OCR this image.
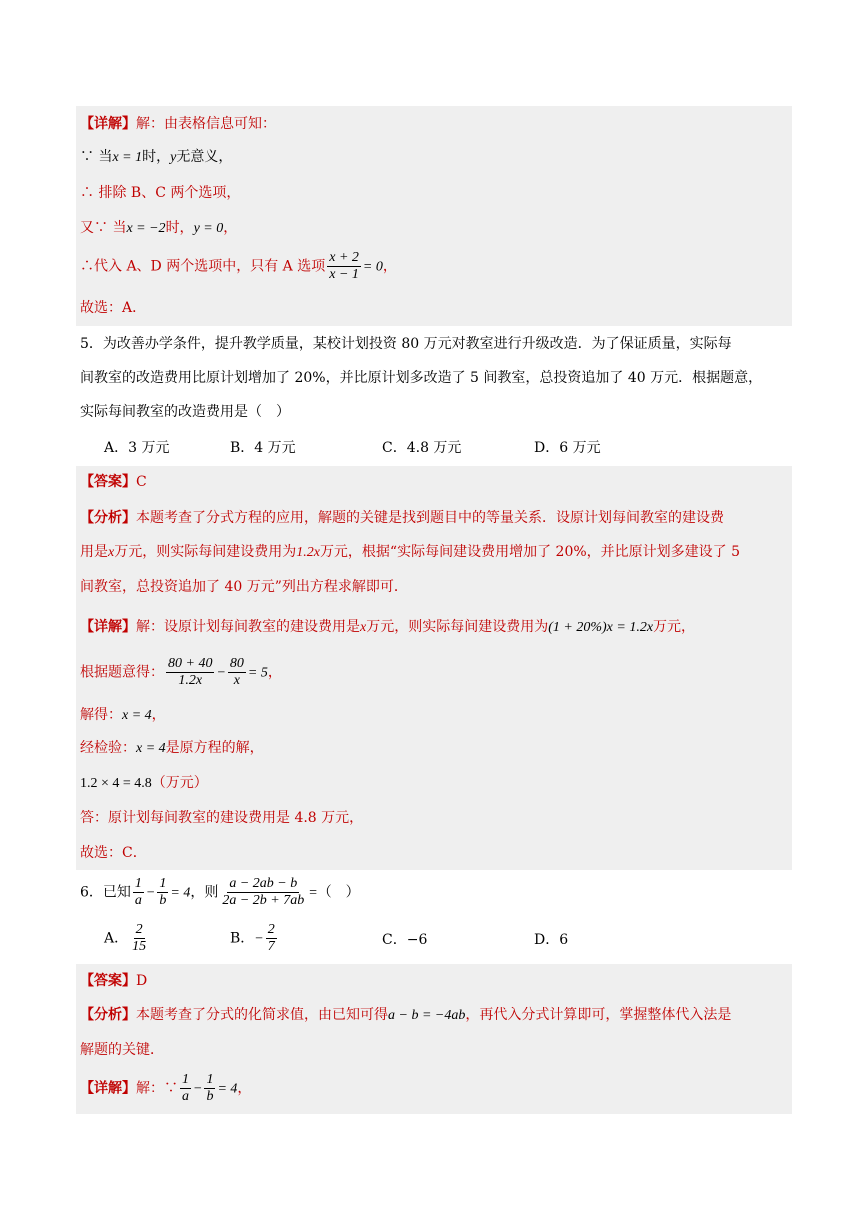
【详解】解：由表格信息可知：
∵ 当x = 1时，y无意义，
∴ 排除 B、C 两个选项，
又∵ 当x = −2时，y = 0，
∴代入 A、D 两个选项中，只有 A 选项 $\frac{x + 2}{x - 1} = 0$，
故选：A．
5．为改善办学条件，提升教学质量，某校计划投资 80 万元对教室进行升级改造．为了保证质量，实际每
间教室的改造费用比原计划增加了 20%，并比原计划多改造了 5 间教室，总投资追加了 40 万元．根据题意，
实际每间教室的改造费用是（　）
A．3 万元	B．4 万元	C．4.8 万元	D．6 万元
【答案】C
【分析】本题考查了分式方程的应用，解题的关键是找到题目中的等量关系．设原计划每间教室的建设费
用是x万元，则实际每间建设费用为1.2x万元，根据“实际每间建设费用增加了 20%，并比原计划多建设了 5
间教室，总投资追加了 40 万元”列出方程求解即可．
【详解】解：设原计划每间教室的建设费用是x万元，则实际每间建设费用为(1 + 20%)x = 1.2x万元，
根据题意得： $\frac{80 + 40}{1.2x} - \frac{80}{x} = 5$，
解得：x = 4，
经检验：x = 4是原方程的解，
1.2 × 4 = 4.8（万元）
答：原计划每间教室的建设费用是 4.8 万元，
故选：C．
6．已知 $\frac{1}{a} - \frac{1}{b} = 4$，则 $\frac{a - 2ab - b}{2a - 2b + 7ab}$ =（　）
A． $\frac{2}{15}$	B．− $\frac{2}{7}$	C．−6	D．6
【答案】D
【分析】本题考查了分式的化简求值，由已知可得a − b = −4ab，再代入分式计算即可，掌握整体代入法是
解题的关键．
【详解】解：∵ $\frac{1}{a} - \frac{1}{b} = 4$，
